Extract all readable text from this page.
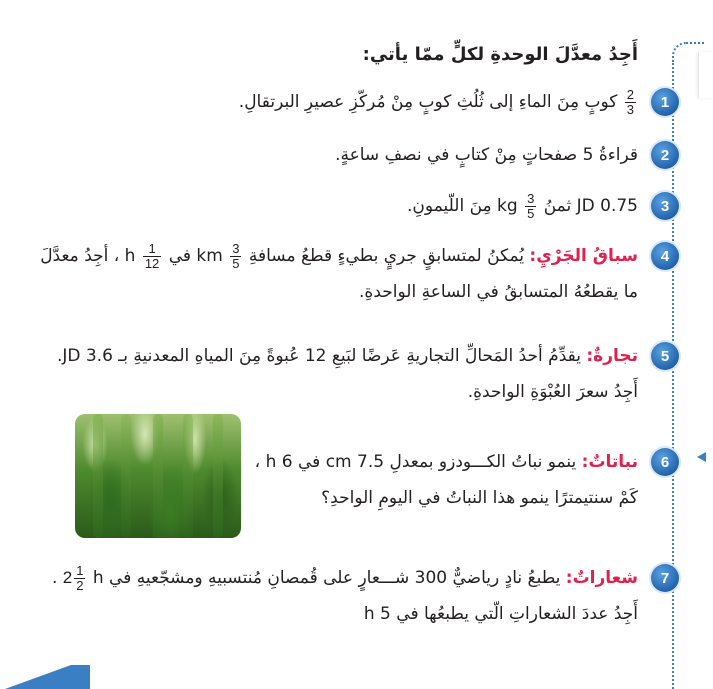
أَجِدُ معدَّلَ الوحدةِ لكلٍّ ممّا يأتي:
1
$\frac{2}{3}$
كوبٍ مِنَ الماءِ إلى ثُلُثِ كوبٍ مِنْ مُركّزِ عصيرِ البرتقالِ.
2
قراءةُ 5 صفحاتٍ مِنْ كتابٍ في نصفِ ساعةٍ.
3
JD 0.75 ثمنُ
$\frac{3}{5}$
kg مِنَ اللّيمونِ.
4
سباقُ الجَرْيِ: يُمكنُ لمتسابقٍ جريٍ بطيءٍ قطعُ مسافةِ
$\frac{3}{5}$
km في
$\frac{1}{12}$
h ، أجِدُ معدَّلَ
ما يقطعُهُ المتسابقُ في الساعةِ الواحدةِ.
5
تجارةٌ: يقدِّمُ أحدُ المَحالِّ التجاريةِ عَرضًا لبَيعِ 12 عُبوةً مِنَ المياهِ المعدنيةِ بـ JD 3.6.
أَجِدُ سعرَ العُبْوَةِ الواحدةِ.
6
نباتاتٌ: ينمو نباتُ الكـــودزو بمعدلِ 7.5 cm في 6 h ،
كَمْ سنتيمترًا ينمو هذا النباتُ في اليومِ الواحدِ؟
7
شعاراتٌ: يطبعُ نادٍ رياضيٌّ 300 شـــعارٍ على قُمصانِ مُنتسبيهِ ومشجّعيهِ في $2 \frac{1}{2}$
h .
أَجِدُ عددَ الشعاراتِ الّتي يطبعُها في 5 h
